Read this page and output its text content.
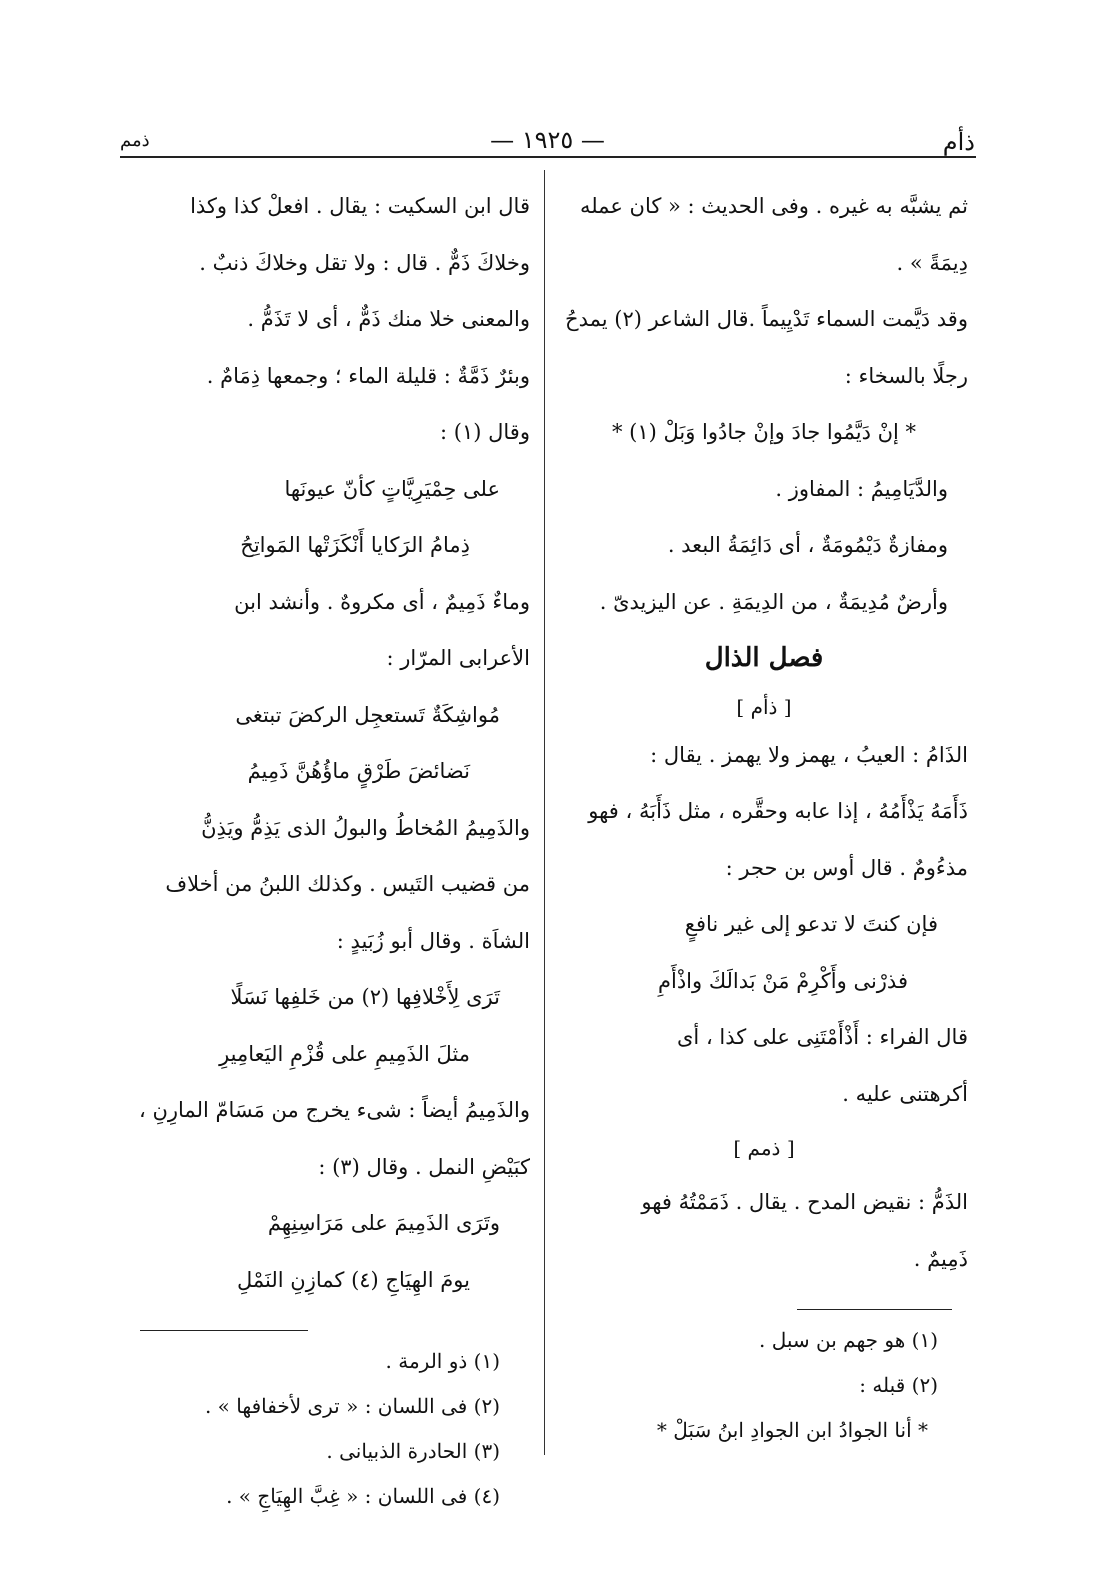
ذأم
— ١٩٢٥ —
ذمم

ثم يشبَّه به غيره . وفى الحديث : « كان عمله

دِيمَةً » .

وقد دَيَّمت السماء تَدْيِيماً .قال الشاعر (٢) يمدحُ

رجلًا بالسخاء :

* إنْ دَيَّمُوا جادَ وإنْ جادُوا وَبَلْ (١) *

والدَّيَامِيمُ : المفاوز .

ومفازةٌ دَيْمُومَةٌ ، أى دَائِمَةُ البعد .

وأرضٌ مُدِيمَةٌ ، من الدِيمَةِ . عن اليزيدىّ .

فصل الذال

[ ذأم ]

الذَامُ : العيبُ ، يهمز ولا يهمز . يقال :

ذَأَمَهُ يَذْأَمُهُ ، إذا عابه وحقَّره ، مثل ذَأَبَهُ ، فهو

مذءُومٌ . قال أوس بن حجر :

فإن كنتَ لا تدعو إلى غير نافعٍ

فذرْنى وأَكْرِمْ مَنْ بَدالَكَ واذْأَمِ

قال الفراء : أَذْأَمْتَنِى على كذا ، أى

أكرهتنى عليه .

[ ذمم ]

الذَمُّ : نقيض المدح . يقال . ذَمَمْتُهُ فهو

ذَمِيمٌ .

(١) هو جهم بن سبل .

(٢) قبله :

* أنا الجوادُ ابن الجوادِ ابنُ سَبَلْ *

قال ابن السكيت : يقال . افعلْ كذا وكذا

وخلاكَ ذَمٌّ . قال : ولا تقل وخلاكَ ذنبٌ .

والمعنى خلا منك ذَمٌّ ، أى لا تَذَمُّ .

وبئرٌ ذَمَّةٌ : قليلة الماء ؛ وجمعها ذِمَامٌ .

وقال (١) :

على حِمْيَرِيَّاتٍ كأنّ عيونَها

ذِمامُ الرَكايا أَنْكَزَتْها المَواتِحُ

وماءٌ ذَمِيمٌ ، أى مكروهٌ . وأنشد ابن

الأعرابى المرّار :

مُواشِكَةٌ تَستعجِل الركضَ تبتغى

نَضائضَ طَرْقٍ ماؤُهُنَّ ذَمِيمُ

والذَمِيمُ المُخاطُ والبولُ الذى يَذِمُّ ويَذِنُّ

من قضيب التَيس . وكذلك اللبنُ من أخلاف

الشاَة . وقال أبو زُبَيدٍ :

تَرَى لِأَخْلافِها (٢) من خَلفِها نَسَلًا

مثلَ الذَمِيمِ على قُزْمِ اليَعامِيرِ

والذَمِيمُ أيضاً : شىء يخرج من مَسَامّ المارِنِ ،

كبَيْضِ النمل . وقال (٣) :

وتَرَى الذَمِيمَ على مَرَاسِنِهِمْ

يومَ الهِيَاجِ (٤) كمازِنِ النَمْلِ

(١) ذو الرمة .

(٢) فى اللسان : « ترى لأخفافها » .

(٣) الحادرة الذبيانى .

(٤) فى اللسان : « غِبَّ الهِيَاجِ » .
